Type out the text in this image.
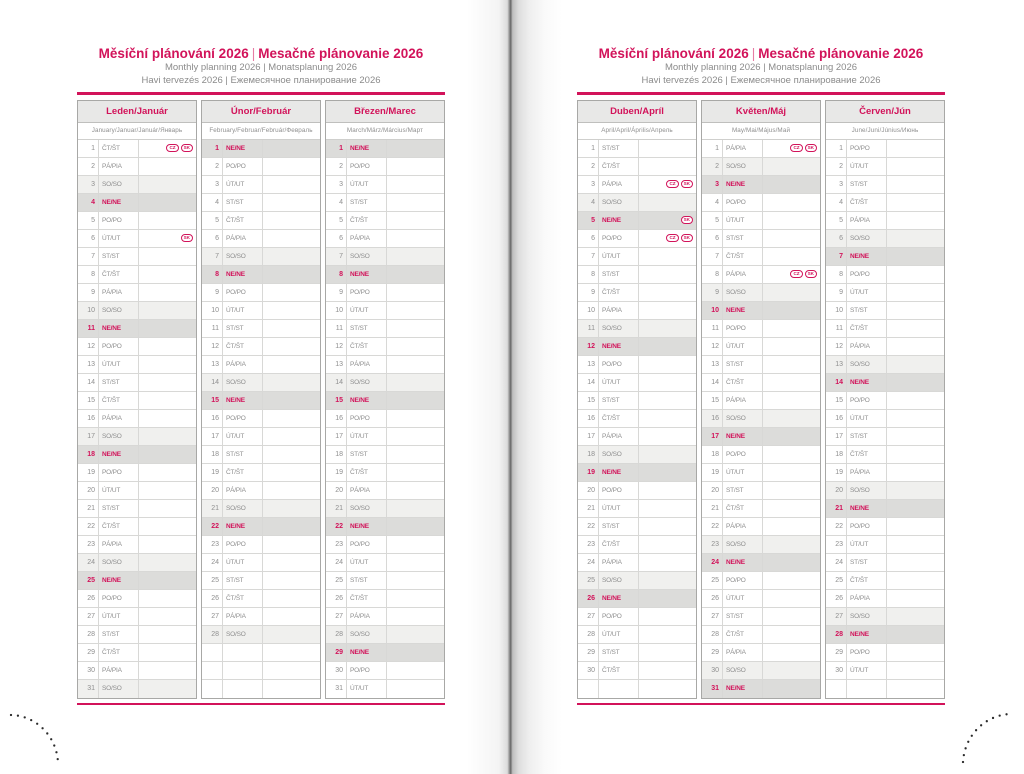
Měsíční plánování 2026 | Mesačné plánovanie 2026
Monthly planning 2026 | Monatsplanung 2026
Havi tervezés 2026 | Ежемесячное планирование 2026
Leden/Január
January/Januar/Január/Январь
1	ČT/ŠT	CZ	SK
2	PÁ/PIA
3	SO/SO
4	NE/NE
5	PO/PO
6	ÚT/UT	SK
7	ST/ST
8	ČT/ŠT
9	PÁ/PIA
10	SO/SO
11	NE/NE
12	PO/PO
13	ÚT/UT
14	ST/ST
15	ČT/ŠT
16	PÁ/PIA
17	SO/SO
18	NE/NE
19	PO/PO
20	ÚT/UT
21	ST/ST
22	ČT/ŠT
23	PÁ/PIA
24	SO/SO
25	NE/NE
26	PO/PO
27	ÚT/UT
28	ST/ST
29	ČT/ŠT
30	PÁ/PIA
31	SO/SO
Únor/Február
February/Februar/Február/Февраль
1	NE/NE
2	PO/PO
3	ÚT/UT
4	ST/ST
5	ČT/ŠT
6	PÁ/PIA
7	SO/SO
8	NE/NE
9	PO/PO
10	ÚT/UT
11	ST/ST
12	ČT/ŠT
13	PÁ/PIA
14	SO/SO
15	NE/NE
16	PO/PO
17	ÚT/UT
18	ST/ST
19	ČT/ŠT
20	PÁ/PIA
21	SO/SO
22	NE/NE
23	PO/PO
24	ÚT/UT
25	ST/ST
26	ČT/ŠT
27	PÁ/PIA
28	SO/SO
Březen/Marec
March/März/Március/Март
1	NE/NE
2	PO/PO
3	ÚT/UT
4	ST/ST
5	ČT/ŠT
6	PÁ/PIA
7	SO/SO
8	NE/NE
9	PO/PO
10	ÚT/UT
11	ST/ST
12	ČT/ŠT
13	PÁ/PIA
14	SO/SO
15	NE/NE
16	PO/PO
17	ÚT/UT
18	ST/ST
19	ČT/ŠT
20	PÁ/PIA
21	SO/SO
22	NE/NE
23	PO/PO
24	ÚT/UT
25	ST/ST
26	ČT/ŠT
27	PÁ/PIA
28	SO/SO
29	NE/NE
30	PO/PO
31	ÚT/UT
Měsíční plánování 2026 | Mesačné plánovanie 2026
Monthly planning 2026 | Monatsplanung 2026
Havi tervezés 2026 | Ежемесячное планирование 2026
Duben/Apríl
April/April/Április/Апрель
1	ST/ST
2	ČT/ŠT
3	PÁ/PIA	CZ	SK
4	SO/SO
5	NE/NE	SK
6	PO/PO	CZ	SK
7	ÚT/UT
8	ST/ST
9	ČT/ŠT
10	PÁ/PIA
11	SO/SO
12	NE/NE
13	PO/PO
14	ÚT/UT
15	ST/ST
16	ČT/ŠT
17	PÁ/PIA
18	SO/SO
19	NE/NE
20	PO/PO
21	ÚT/UT
22	ST/ST
23	ČT/ŠT
24	PÁ/PIA
25	SO/SO
26	NE/NE
27	PO/PO
28	ÚT/UT
29	ST/ST
30	ČT/ŠT
Květen/Máj
May/Mai/Május/Май
1	PÁ/PIA	CZ	SK
2	SO/SO
3	NE/NE
4	PO/PO
5	ÚT/UT
6	ST/ST
7	ČT/ŠT
8	PÁ/PIA	CZ	SK
9	SO/SO
10	NE/NE
11	PO/PO
12	ÚT/UT
13	ST/ST
14	ČT/ŠT
15	PÁ/PIA
16	SO/SO
17	NE/NE
18	PO/PO
19	ÚT/UT
20	ST/ST
21	ČT/ŠT
22	PÁ/PIA
23	SO/SO
24	NE/NE
25	PO/PO
26	ÚT/UT
27	ST/ST
28	ČT/ŠT
29	PÁ/PIA
30	SO/SO
31	NE/NE
Červen/Jún
June/Juni/Június/Июнь
1	PO/PO
2	ÚT/UT
3	ST/ST
4	ČT/ŠT
5	PÁ/PIA
6	SO/SO
7	NE/NE
8	PO/PO
9	ÚT/UT
10	ST/ST
11	ČT/ŠT
12	PÁ/PIA
13	SO/SO
14	NE/NE
15	PO/PO
16	ÚT/UT
17	ST/ST
18	ČT/ŠT
19	PÁ/PIA
20	SO/SO
21	NE/NE
22	PO/PO
23	ÚT/UT
24	ST/ST
25	ČT/ŠT
26	PÁ/PIA
27	SO/SO
28	NE/NE
29	PO/PO
30	ÚT/UT
